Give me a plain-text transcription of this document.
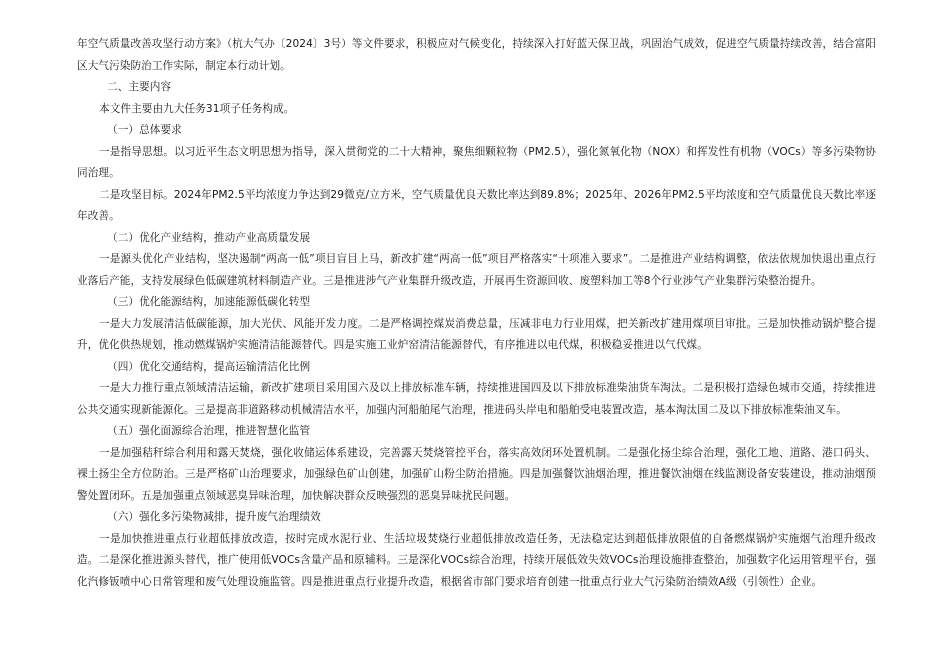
年空气质量改善攻坚行动方案》（杭大气办〔2024〕3号）等文件要求，积极应对气候变化，持续深入打好蓝天保卫战，巩固治气成效，促进空气质量持续改善，结合富阳区大气污染防治工作实际，制定本行动计划。

二、主要内容

本文件主要由九大任务31项子任务构成。

（一）总体要求

一是指导思想。以习近平生态文明思想为指导，深入贯彻党的二十大精神，聚焦细颗粒物（PM2.5），强化氮氧化物（NOX）和挥发性有机物（VOCs）等多污染物协同治理。

二是攻坚目标。2024年PM2.5平均浓度力争达到29微克/立方米，空气质量优良天数比率达到89.8%；2025年、2026年PM2.5平均浓度和空气质量优良天数比率逐年改善。

（二）优化产业结构，推动产业高质量发展

一是源头优化产业结构，坚决遏制“两高一低”项目盲目上马，新改扩建“两高一低”项目严格落实“十项准入要求”。二是推进产业结构调整，依法依规加快退出重点行业落后产能，支持发展绿色低碳建筑材料制造产业。三是推进涉气产业集群升级改造，开展再生资源回收、废塑料加工等8个行业涉气产业集群污染整治提升。

（三）优化能源结构，加速能源低碳化转型

一是大力发展清洁低碳能源，加大光伏、风能开发力度。二是严格调控煤炭消费总量，压减非电力行业用煤，把关新改扩建用煤项目审批。三是加快推动锅炉整合提升，优化供热规划，推动燃煤锅炉实施清洁能源替代。四是实施工业炉窑清洁能源替代，有序推进以电代煤，积极稳妥推进以气代煤。

（四）优化交通结构，提高运输清洁化比例

一是大力推行重点领域清洁运输，新改扩建项目采用国六及以上排放标准车辆，持续推进国四及以下排放标准柴油货车淘汰。二是积极打造绿色城市交通，持续推进公共交通实现新能源化。三是提高非道路移动机械清洁水平，加强内河船舶尾气治理，推进码头岸电和船舶受电装置改造，基本淘汰国二及以下排放标准柴油叉车。

（五）强化面源综合治理，推进智慧化监管

一是加强秸秆综合利用和露天焚烧，强化收储运体系建设，完善露天焚烧管控平台，落实高效闭环处置机制。二是强化扬尘综合治理，强化工地、道路、港口码头、裸土扬尘全方位防治。三是严格矿山治理要求，加强绿色矿山创建，加强矿山粉尘防治措施。四是加强餐饮油烟治理，推进餐饮油烟在线监测设备安装建设，推动油烟预警处置闭环。五是加强重点领域恶臭异味治理，加快解决群众反映强烈的恶臭异味扰民问题。

（六）强化多污染物减排，提升废气治理绩效

一是加快推进重点行业超低排放改造，按时完成水泥行业、生活垃圾焚烧行业超低排放改造任务，无法稳定达到超低排放限值的自备燃煤锅炉实施烟气治理升级改造。二是深化推进源头替代，推广使用低VOCs含量产品和原辅料。三是深化VOCs综合治理，持续开展低效失效VOCs治理设施排查整治，加强数字化运用管理平台，强化汽修钣喷中心日常管理和废气处理设施监管。四是推进重点行业提升改造，根据省市部门要求培育创建一批重点行业大气污染防治绩效A级（引领性）企业。
